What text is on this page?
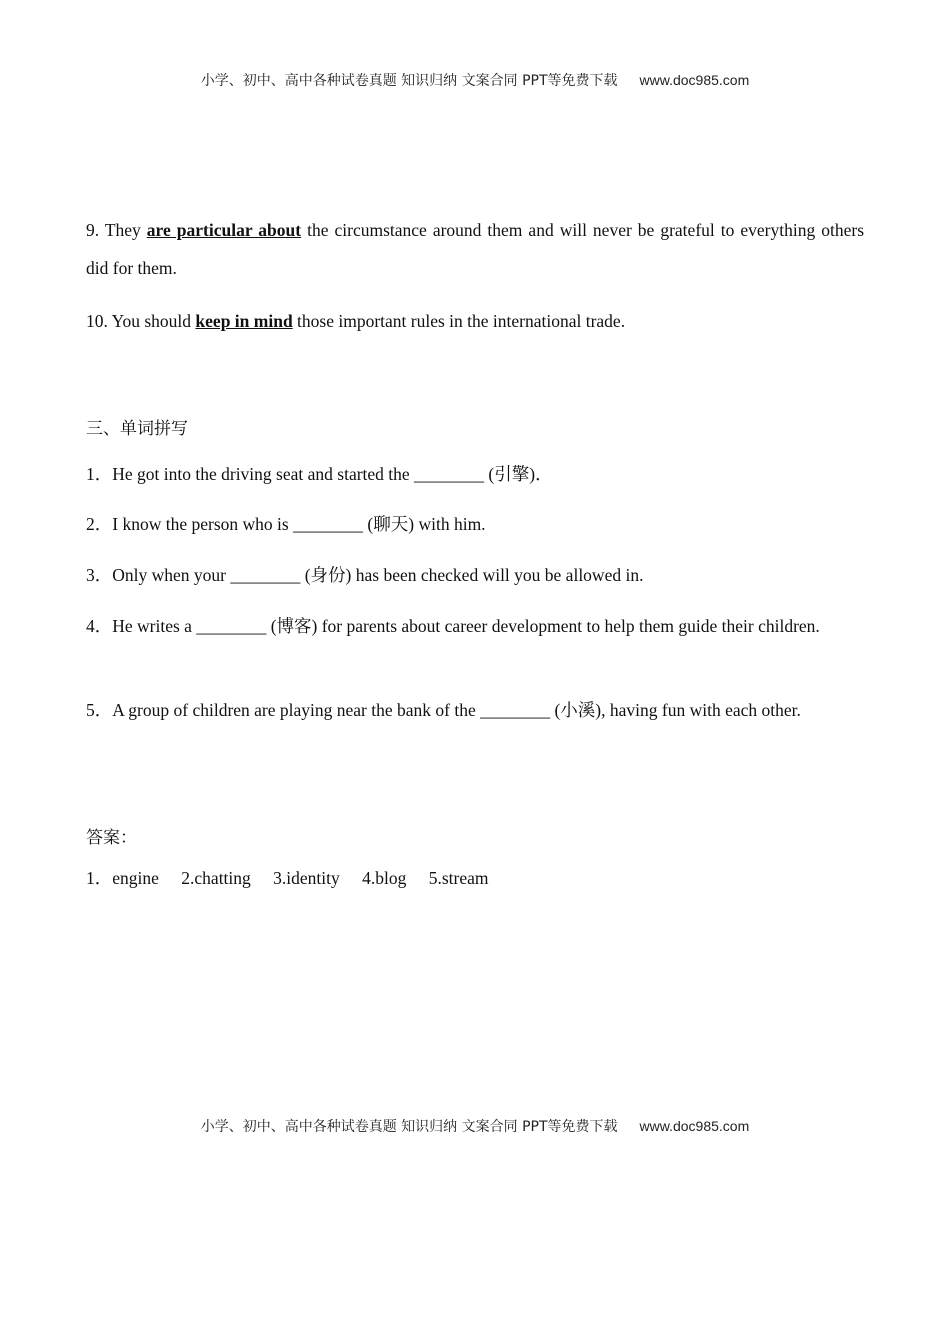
小学、初中、高中各种试卷真题 知识归纳 文案合同 PPT等免费下载 www.doc985.com
9. They are particular about the circumstance around them and will never be grateful to everything others did for them.
10. You should keep in mind those important rules in the international trade.
三、单词拼写
1．He got into the driving seat and started the ________ (引擎)．
2．I know the person who is ________ (聊天) with him.
3．Only when your ________ (身份) has been checked will you be allowed in.
4．He writes a ________ (博客) for parents about career development to help them guide their children.
5．A group of children are playing near the bank of the ________ (小溪), having fun with each other.
答案：
1．engine 2.chatting 3.identity 4.blog 5.stream
小学、初中、高中各种试卷真题 知识归纳 文案合同 PPT等免费下载 www.doc985.com
